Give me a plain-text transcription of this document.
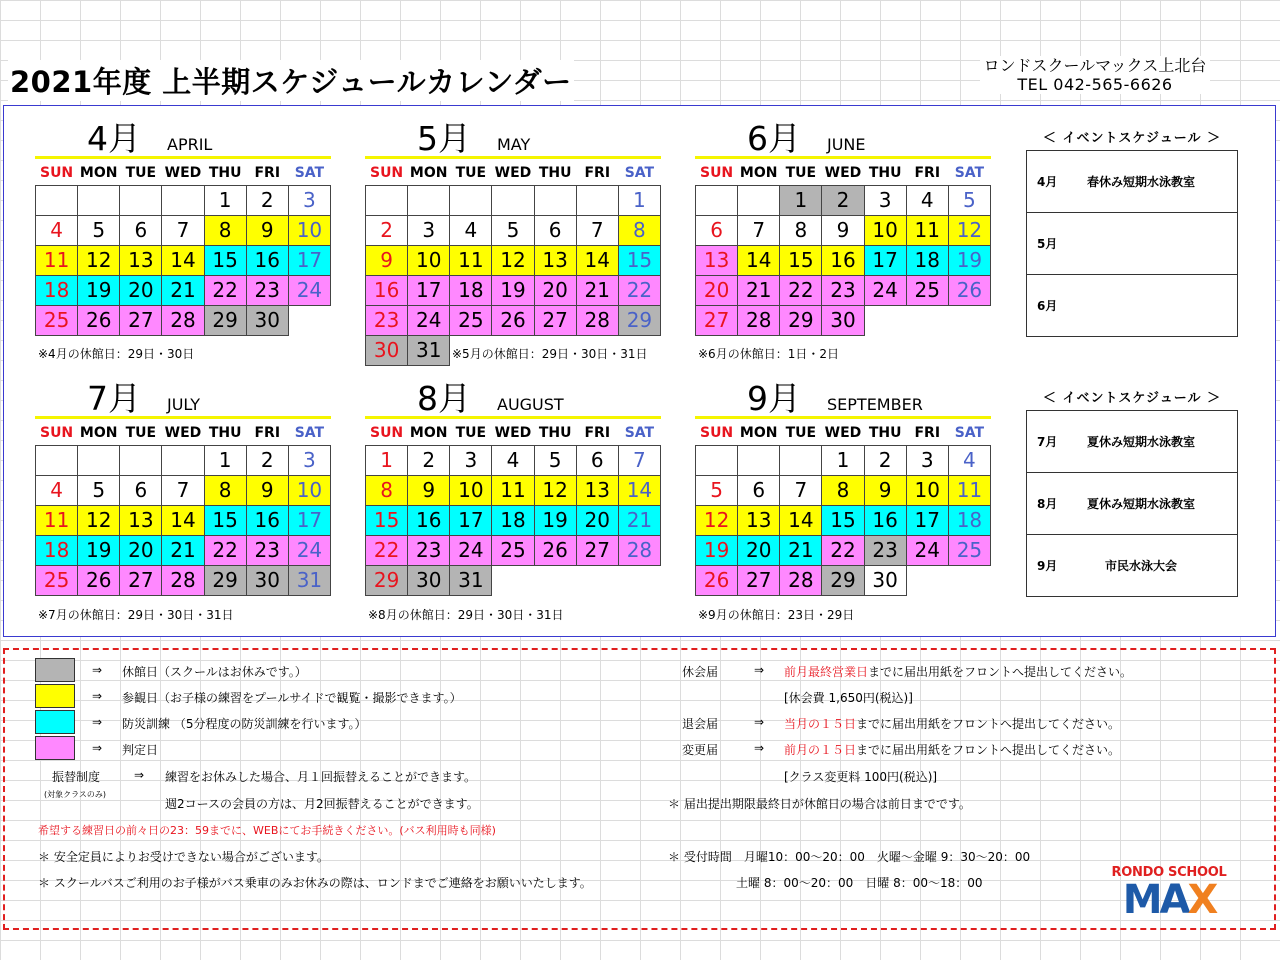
2021年度 上半期スケジュールカレンダー	ロンドスクールマックス上北台
TEL 042-565-6626
4月 APRIL
SUN	MON	TUE	WED	THU	FRI	SAT
				1	2	3
4	5	6	7	8	9	10
11	12	13	14	15	16	17
18	19	20	21	22	23	24
25	26	27	28	29	30	
※4月の休館日：29日・30日
5月 MAY
SUN	MON	TUE	WED	THU	FRI	SAT
						1
2	3	4	5	6	7	8
9	10	11	12	13	14	15
16	17	18	19	20	21	22
23	24	25	26	27	28	29
30	31					※5月の休館日：29日・30日・31日
6月 JUNE
SUN	MON	TUE	WED	THU	FRI	SAT
		1	2	3	4	5
6	7	8	9	10	11	12
13	14	15	16	17	18	19
20	21	22	23	24	25	26
27	28	29	30			
※6月の休館日：1日・2日
7月 JULY
SUN	MON	TUE	WED	THU	FRI	SAT
				1	2	3
4	5	6	7	8	9	10
11	12	13	14	15	16	17
18	19	20	21	22	23	24
25	26	27	28	29	30	31
※7月の休館日：29日・30日・31日
8月 AUGUST
SUN	MON	TUE	WED	THU	FRI	SAT
1	2	3	4	5	6	7
8	9	10	11	12	13	14
15	16	17	18	19	20	21
22	23	24	25	26	27	28
29	30	31				
※8月の休館日：29日・30日・31日
9月 SEPTEMBER
SUN	MON	TUE	WED	THU	FRI	SAT
			1	2	3	4
5	6	7	8	9	10	11
12	13	14	15	16	17	18
19	20	21	22	23	24	25
26	27	28	29	30		
※9月の休館日：23日・29日
＜ イベントスケジュール ＞
4月	春休み短期水泳教室
5月
6月
＜ イベントスケジュール ＞
7月	夏休み短期水泳教室
8月	夏休み短期水泳教室
9月	市民水泳大会
⇒ 休館日（スクールはお休みです。）
⇒ 参観日（お子様の練習をプールサイドで観覧・撮影できます。）
⇒ 防災訓練 （5分程度の防災訓練を行います。）
⇒ 判定日
振替制度
(対象クラスのみ)
⇒ 練習をお休みした場合、月１回振替えることができます。
週2コースの会員の方は、月2回振替えることができます。
希望する練習日の前々日の23：59までに、WEBにてお手続きください。(バス利用時も同様)
＊ 安全定員によりお受けできない場合がございます。
＊ スクールバスご利用のお子様がバス乗車のみお休みの際は、ロンドまでご連絡をお願いいたします。
休会届	⇒ 前月最終営業日までに届出用紙をフロントへ提出してください。
[休会費 1,650円(税込)]
退会届	⇒ 当月の１５日までに届出用紙をフロントへ提出してください。
変更届	⇒ 前月の１５日までに届出用紙をフロントへ提出してください。
[クラス変更料 100円(税込)]
＊ 届出提出期限最終日が休館日の場合は前日までです。
＊ 受付時間　月曜10：00〜20：00　火曜〜金曜 9：30〜20：00
土曜 8：00〜20：00　日曜 8：00〜18：00
RONDO SCHOOL
MAX
